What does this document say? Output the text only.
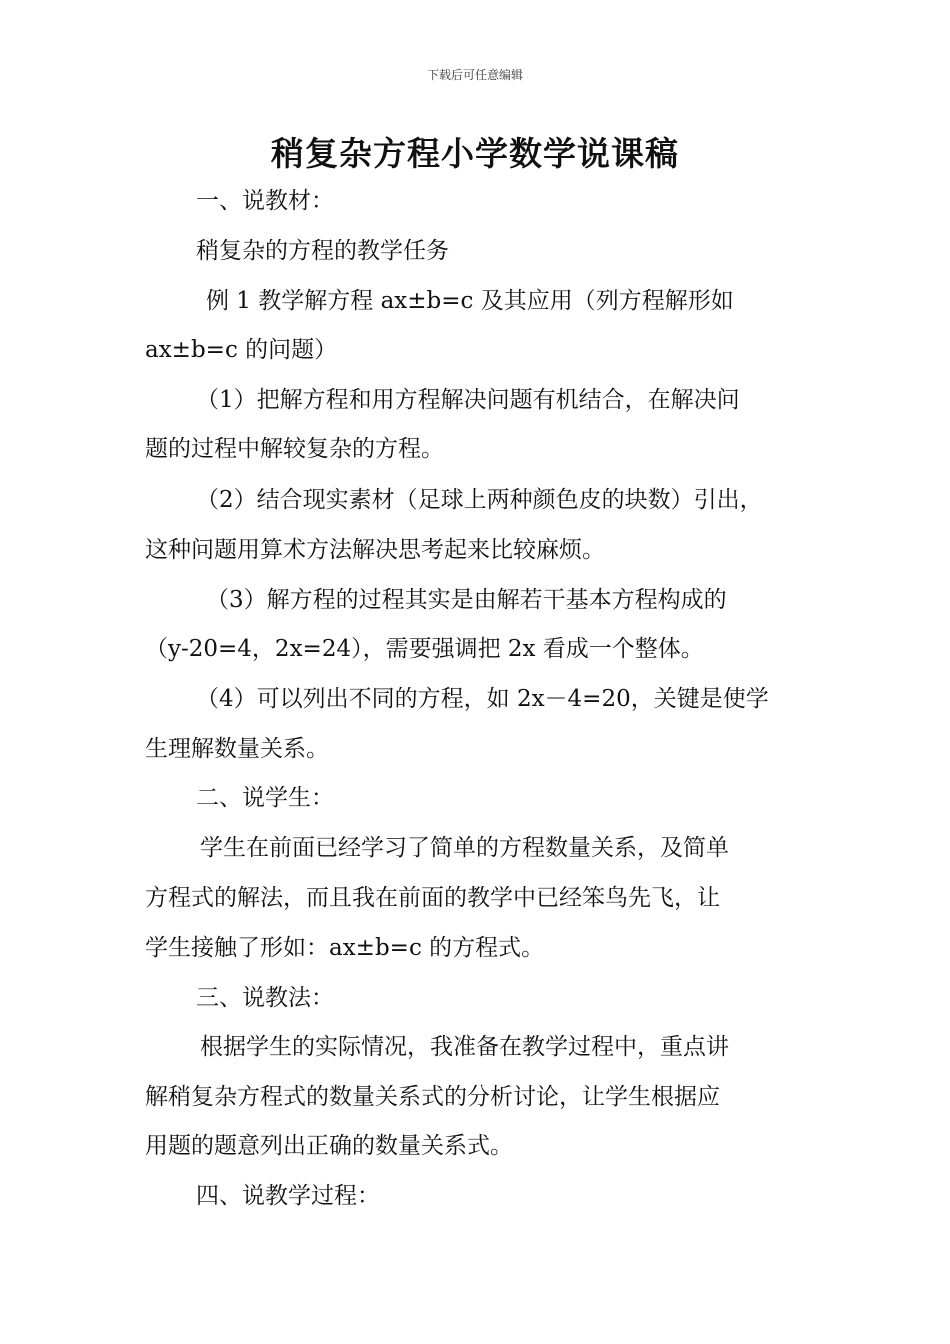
下载后可任意编辑
稍复杂方程小学数学说课稿
一、说教材：
稍复杂的方程的教学任务
例 1 教学解方程 ax±b=c 及其应用（列方程解形如
ax±b=c 的问题）
（1）把解方程和用方程解决问题有机结合，在解决问
题的过程中解较复杂的方程。
（2）结合现实素材（足球上两种颜色皮的块数）引出，
这种问题用算术方法解决思考起来比较麻烦。
（3）解方程的过程其实是由解若干基本方程构成的
（y-20=4，2x=24），需要强调把 2x 看成一个整体。
（4）可以列出不同的方程，如 2x－4=20，关键是使学
生理解数量关系。
二、说学生：
学生在前面已经学习了简单的方程数量关系，及简单
方程式的解法，而且我在前面的教学中已经笨鸟先飞，让
学生接触了形如：ax±b=c 的方程式。
三、说教法：
根据学生的实际情况，我准备在教学过程中，重点讲
解稍复杂方程式的数量关系式的分析讨论，让学生根据应
用题的题意列出正确的数量关系式。
四、说教学过程：
